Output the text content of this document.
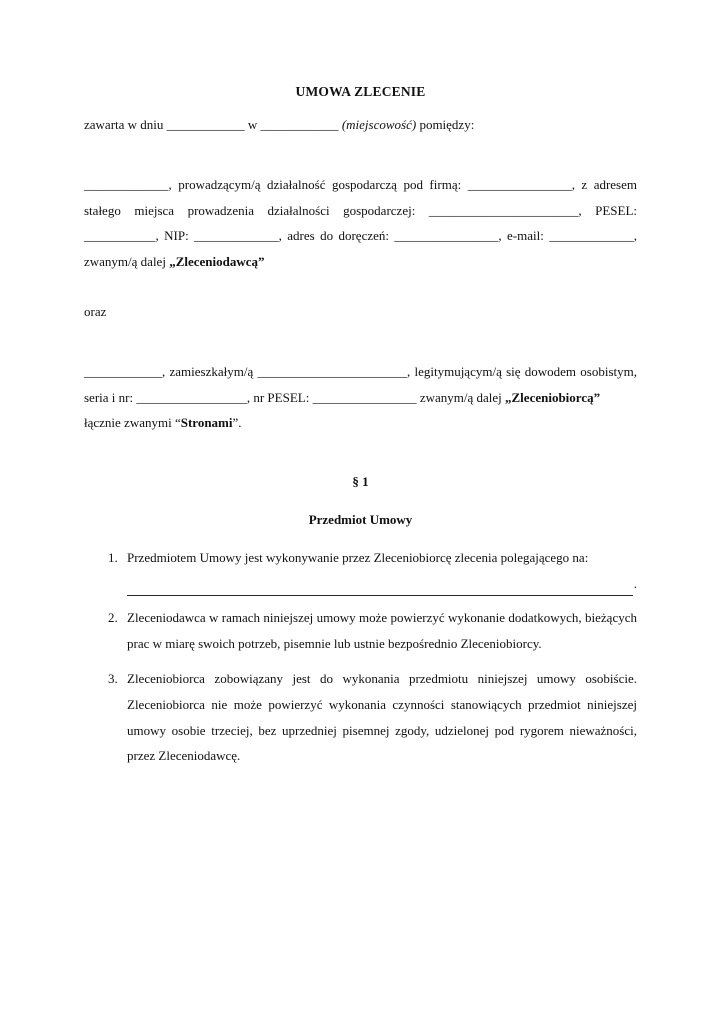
UMOWA ZLECENIE

zawarta w dniu ____________ w ____________ (miejscowość) pomiędzy:

_____________, prowadzącym/ą działalność gospodarczą pod firmą: ________________, z adresem stałego miejsca prowadzenia działalności gospodarczej: _______________________, PESEL: ___________, NIP: _____________, adres do doręczeń: ________________, e-mail: _____________, zwanym/ą dalej „Zleceniodawcą”

oraz

____________, zamieszkałym/ą _______________________, legitymującym/ą się dowodem osobistym, seria i nr: _________________, nr PESEL: ________________ zwanym/ą dalej „Zleceniobiorcą”

łącznie zwanymi “Stronami”.

§ 1

Przedmiot Umowy

Przedmiotem Umowy jest wykonywanie przez Zleceniobiorcę zlecenia polegającego na:
.
Zleceniodawca w ramach niniejszej umowy może powierzyć wykonanie dodatkowych, bieżących prac w miarę swoich potrzeb, pisemnie lub ustnie bezpośrednio Zleceniobiorcy.
Zleceniobiorca zobowiązany jest do wykonania przedmiotu niniejszej umowy osobiście. Zleceniobiorca nie może powierzyć wykonania czynności stanowiących przedmiot niniejszej umowy osobie trzeciej, bez uprzedniej pisemnej zgody, udzielonej pod rygorem nieważności, przez Zleceniodawcę.
